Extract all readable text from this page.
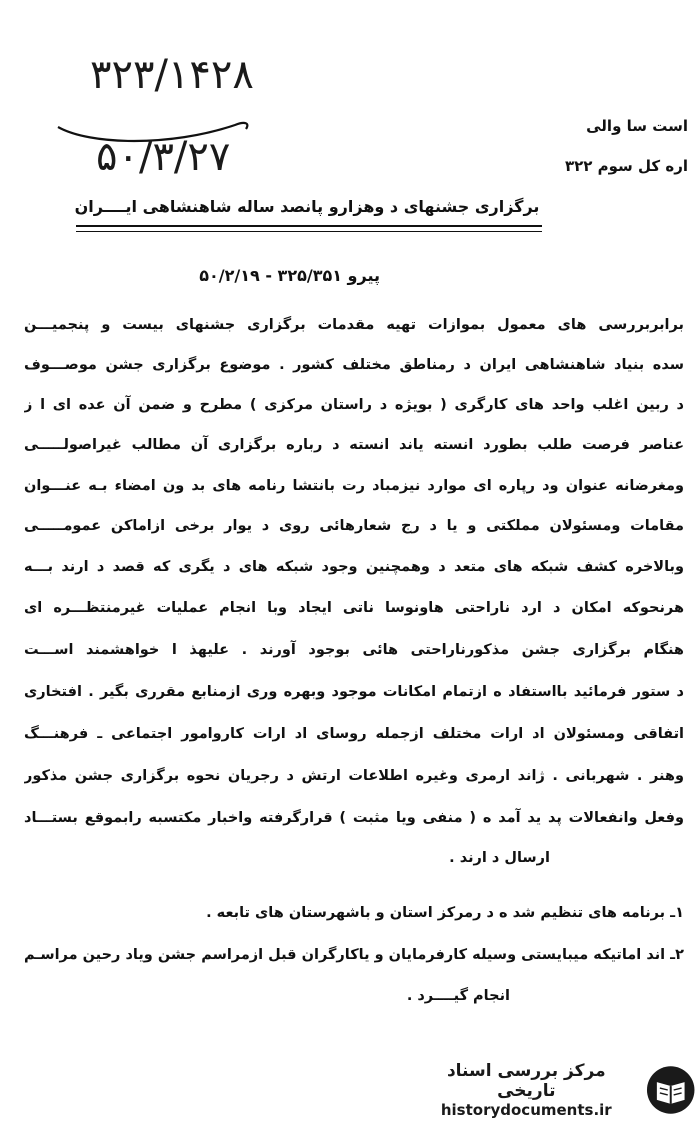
۳۲۳/۱۴۲۸
۵۰/۳/۲۷
است سا والی
اره کل سوم ۳۲۲
برگزاری جشنهای د وهزارو پانصد ساله شاهنشاهی ایــــران
پیرو ۳۲۵/۳۵۱ - ۵۰/۲/۱۹
برابربررسی های معمول بموازات تهیه مقدمات برگزاری جشنهای بیست و پنجمیـــن
سده بنیاد شاهنشاهی ایران د رمناطق مختلف کشور . موضوع برگزاری جشن موصـــوف
د ربین اغلب واحد های کارگری ( بویژه د راستان مرکزی ) مطرح و ضمن آن عده ای ا ز
عناصر فرصت طلب بطورد انسته یاند انسته د رباره برگزاری آن مطالب غیراصولـــــی
ومغرضانه عنوان ود رپاره ای موارد نیزمباد رت بانتشا رنامه های بد ون امضاء بـه عنـــوان
مقامات ومسئولان مملکتی و یا د رج شعارهائی روی د یوار برخی ازاماکن عمومـــــی
وبالاخره کشف شبکه های متعد د وهمچنین وجود شبکه های د یگری که قصد د ارند بـــه
هرنحوکه امکان د ارد ناراحتی هاونوسا ناتی ایجاد وبا انجام عملیات غیرمنتظـــره ای
هنگام برگزاری جشن مذکورناراحتی هائی بوجود آورند . علیهذ ا خواهشمند اســـت
د ستور فرمائید بااستفاد ه ازتمام امکانات موجود وبهره وری ازمنابع مقرری بگیر . افتخاری
اتفاقی ومسئولان اد ارات مختلف ازجمله روسای اد ارات کاروامور اجتماعی ـ فرهنـــگ
وهنر . شهربانی . ژاند ارمری وغیره اطلاعات ارتش د رجریان نحوه برگزاری جشن مذکور
وفعل وانفعالات پد ید آمد ه ( منفی ویا مثبت ) قرارگرفته واخبار مکتسبه رابموقع بستـــاد
ارسال د ارند .
۱ـ برنامه های تنظیم شد ه د رمرکز استان و باشهرستان های تابعه .
۲ـ اند اماتیکه میبایستی وسیله کارفرمایان و یاکارگران قبل ازمراسم جشن ویاد رحین مراسـم
انجام گیــــرد .
مرکز بررسی اسناد تاریخی
historydocuments.ir
